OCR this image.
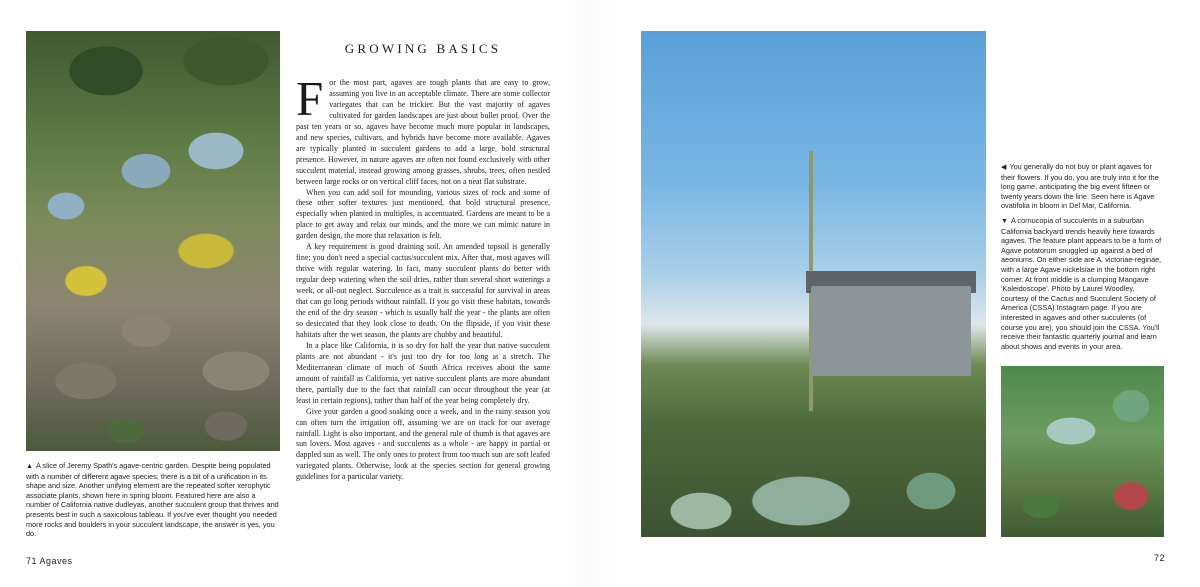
▲ A slice of Jeremy Spath's agave-centric garden. Despite being populated with a number of different agave species, there is a bit of a unification in its shape and size. Another unifying element are the repeated softer xerophytic associate plants, shown here in spring bloom. Featured here are also a number of California native dudleyas, another succulent group that thrives and presents best in such a saxicolous tableau. If you've ever thought you needed more rocks and boulders in your succulent landscape, the answer is yes, you do.
71 Agaves
GROWING BASICS

For the most part, agaves are tough plants that are easy to grow, assuming you live in an acceptable climate. There are some collector variegates that can be trickier. But the vast majority of agaves cultivated for garden landscapes are just about bullet proof. Over the past ten years or so, agaves have become much more popular in landscapes, and new species, cultivars, and hybrids have become more available. Agaves are typically planted in succulent gardens to add a large, bold structural presence. However, in nature agaves are often not found exclusively with other succulent material, instead growing among grasses, shrubs, trees, often nestled between large rocks or on vertical cliff faces, not on a neat flat substrate.

When you can add soil for mounding, various sizes of rock and some of these other softer textures just mentioned, that bold structural presence, especially when planted in multiples, is accentuated. Gardens are meant to be a place to get away and relax our minds, and the more we can mimic nature in garden design, the more that relaxation is felt.

A key requirement is good draining soil. An amended topsoil is generally fine; you don't need a special cactus/succulent mix. After that, most agaves will thrive with regular watering. In fact, many succulent plants do better with regular deep watering when the soil dries, rather than several short waterings a week, or all-out neglect. Succulence as a trait is successful for survival in areas that can go long periods without rainfall. If you go visit these habitats, towards the end of the dry season - which is usually half the year - the plants are often so desiccated that they look close to death. On the flipside, if you visit these habitats after the wet season, the plants are chubby and beautiful.

In a place like California, it is so dry for half the year that native succulent plants are not abundant - it's just too dry for too long at a stretch. The Mediterranean climate of much of South Africa receives about the same amount of rainfall as California, yet native succulent plants are more abundant there, partially due to the fact that rainfall can occur throughout the year (at least in certain regions), rather than half of the year being completely dry.

Give your garden a good soaking once a week, and in the rainy season you can often turn the irrigation off, assuming we are on track for our average rainfall. Light is also important, and the general rule of thumb is that agaves are sun lovers. Most agaves - and succulents as a whole - are happy in partial or dappled sun as well. The only ones to protect from too much sun are soft leafed variegated plants. Otherwise, look at the species section for general growing guidelines for a particular variety.

◀ You generally do not buy or plant agaves for their flowers. If you do, you are truly into it for the long game, anticipating the big event fifteen or twenty years down the line. Seen here is Agave ovatifolia in bloom in Del Mar, California.
▼ A cornucopia of succulents in a suburban California backyard trends heavily here towards agaves. The feature plant appears to be a form of Agave potatorum snuggled up against a bed of aeoniums. On either side are A. victoriae-reginae, with a large Agave nickelsiae in the bottom right corner. At front middle is a clumping Mangave 'Kaleidoscope'. Photo by Laurel Woodley, courtesy of the Cactus and Succulent Society of America (CSSA) Instagram page. If you are interested in agaves and other succulents (of course you are), you should join the CSSA. You'll receive their fantastic quarterly journal and learn about shows and events in your area.
72
